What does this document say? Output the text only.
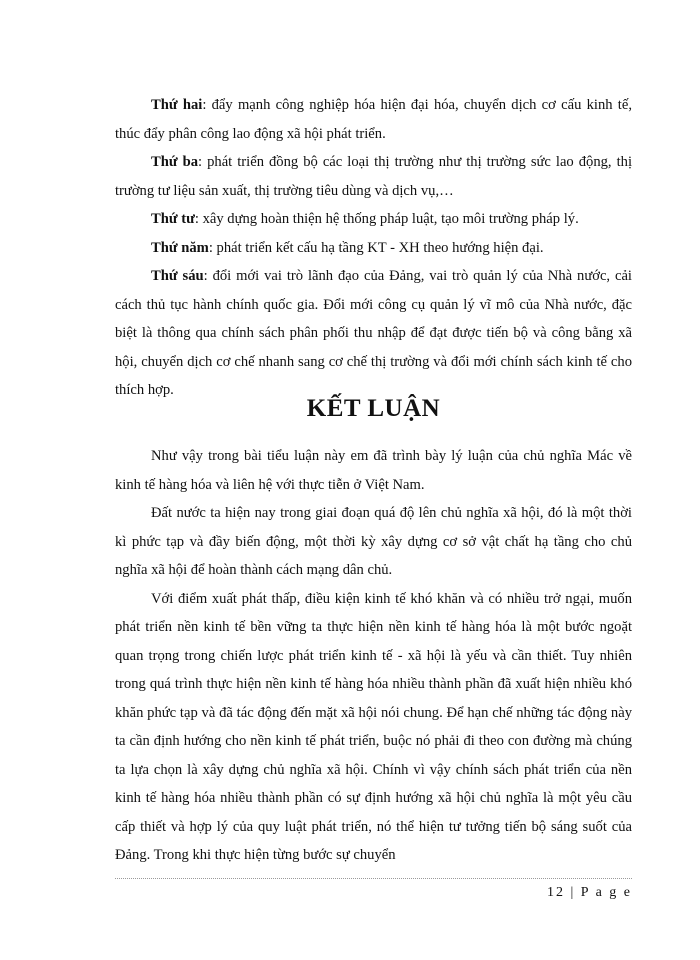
Thứ hai: đẩy mạnh công nghiệp hóa hiện đại hóa, chuyển dịch cơ cấu kinh tế, thúc đẩy phân công lao động xã hội phát triển.

Thứ ba: phát triển đồng bộ các loại thị trường như thị trường sức lao động, thị trường tư liệu sản xuất, thị trường tiêu dùng và dịch vụ,…

Thứ tư: xây dựng hoàn thiện hệ thống pháp luật, tạo môi trường pháp lý.

Thứ năm: phát triển kết cấu hạ tầng KT - XH theo hướng hiện đại.

Thứ sáu: đổi mới vai trò lãnh đạo của Đảng, vai trò quản lý của Nhà nước, cải cách thủ tục hành chính quốc gia. Đổi mới công cụ quản lý vĩ mô của Nhà nước, đặc biệt là thông qua chính sách phân phối thu nhập để đạt được tiến bộ và công bằng xã hội, chuyển dịch cơ chế nhanh sang cơ chế thị trường và đổi mới chính sách kinh tế cho thích hợp.

KẾT LUẬN

Như vậy trong bài tiểu luận này em đã trình bày lý luận của chủ nghĩa Mác về kinh tế hàng hóa và liên hệ với thực tiễn ở Việt Nam.

Đất nước ta hiện nay trong giai đoạn quá độ lên chủ nghĩa xã hội, đó là một thời kì phức tạp và đầy biến động, một thời kỳ xây dựng cơ sở vật chất hạ tầng cho chủ nghĩa xã hội để hoàn thành cách mạng dân chủ.

Với điểm xuất phát thấp, điều kiện kinh tế khó khăn và có nhiều trở ngại, muốn phát triển nền kinh tế bền vững ta thực hiện nền kinh tế hàng hóa là một bước ngoặt quan trọng trong chiến lược phát triển kinh tế - xã hội là yếu và cần thiết. Tuy nhiên trong quá trình thực hiện nền kinh tế hàng hóa nhiều thành phần đã xuất hiện nhiều khó khăn phức tạp và đã tác động đến mặt xã hội nói chung. Để hạn chế những tác động này ta cần định hướng cho nền kinh tế phát triển, buộc nó phải đi theo con đường mà chúng ta lựa chọn là xây dựng chủ nghĩa xã hội. Chính vì vậy chính sách phát triển của nền kinh tế hàng hóa nhiều thành phần có sự định hướng xã hội chủ nghĩa là một yêu cầu cấp thiết và hợp lý của quy luật phát triển, nó thể hiện tư tưởng tiến bộ sáng suốt của Đảng. Trong khi thực hiện từng bước sự chuyển

12 | P a g e
